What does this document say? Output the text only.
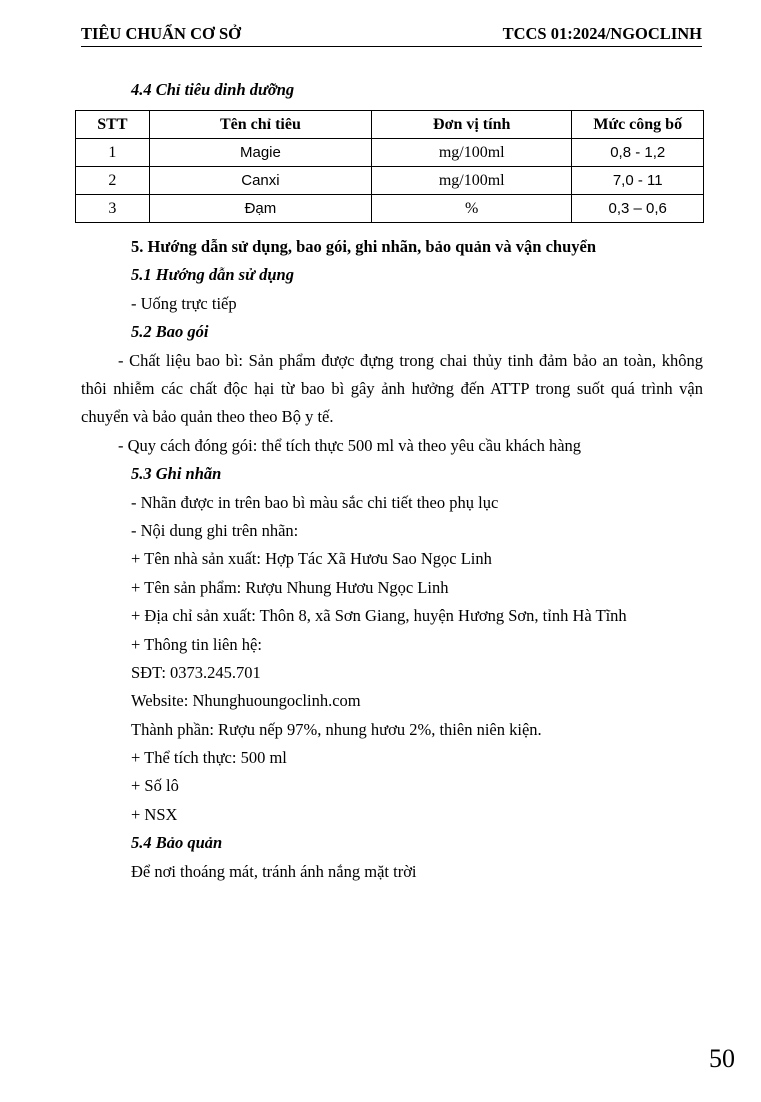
TIÊU CHUẨN CƠ SỞ	TCCS 01:2024/NGOCLINH
4.4 Chỉ tiêu dinh dưỡng
STT	Tên chỉ tiêu	Đơn vị tính	Mức công bố
1	Magie	mg/100ml	0,8 - 1,2
2	Canxi	mg/100ml	7,0 - 11
3	Đạm	%	0,3 – 0,6
5. Hướng dẫn sử dụng, bao gói, ghi nhãn, bảo quản và vận chuyển
5.1 Hướng dẫn sử dụng
- Uống trực tiếp
5.2 Bao gói

- Chất liệu bao bì: Sản phẩm được đựng trong chai thủy tinh đảm bảo an toàn, không thôi nhiễm các chất độc hại từ bao bì gây ảnh hưởng đến ATTP trong suốt quá trình vận chuyển và bảo quản theo theo Bộ y tế.

- Quy cách đóng gói: thể tích thực 500 ml và theo yêu cầu khách hàng
5.3 Ghi nhãn
- Nhãn được in trên bao bì màu sắc chi tiết theo phụ lục
- Nội dung ghi trên nhãn:
+ Tên nhà sản xuất: Hợp Tác Xã Hươu Sao Ngọc Linh
+ Tên sản phẩm: Rượu Nhung Hươu Ngọc Linh
+ Địa chỉ sản xuất: Thôn 8, xã Sơn Giang, huyện Hương Sơn, tỉnh Hà Tĩnh
+ Thông tin liên hệ:
SĐT: 0373.245.701
Website: Nhunghuoungoclinh.com
Thành phần: Rượu nếp 97%, nhung hươu 2%, thiên niên kiện.
+ Thể tích thực: 500 ml
+ Số lô
+ NSX
5.4 Bảo quản
Để nơi thoáng mát, tránh ánh nắng mặt trời
50
